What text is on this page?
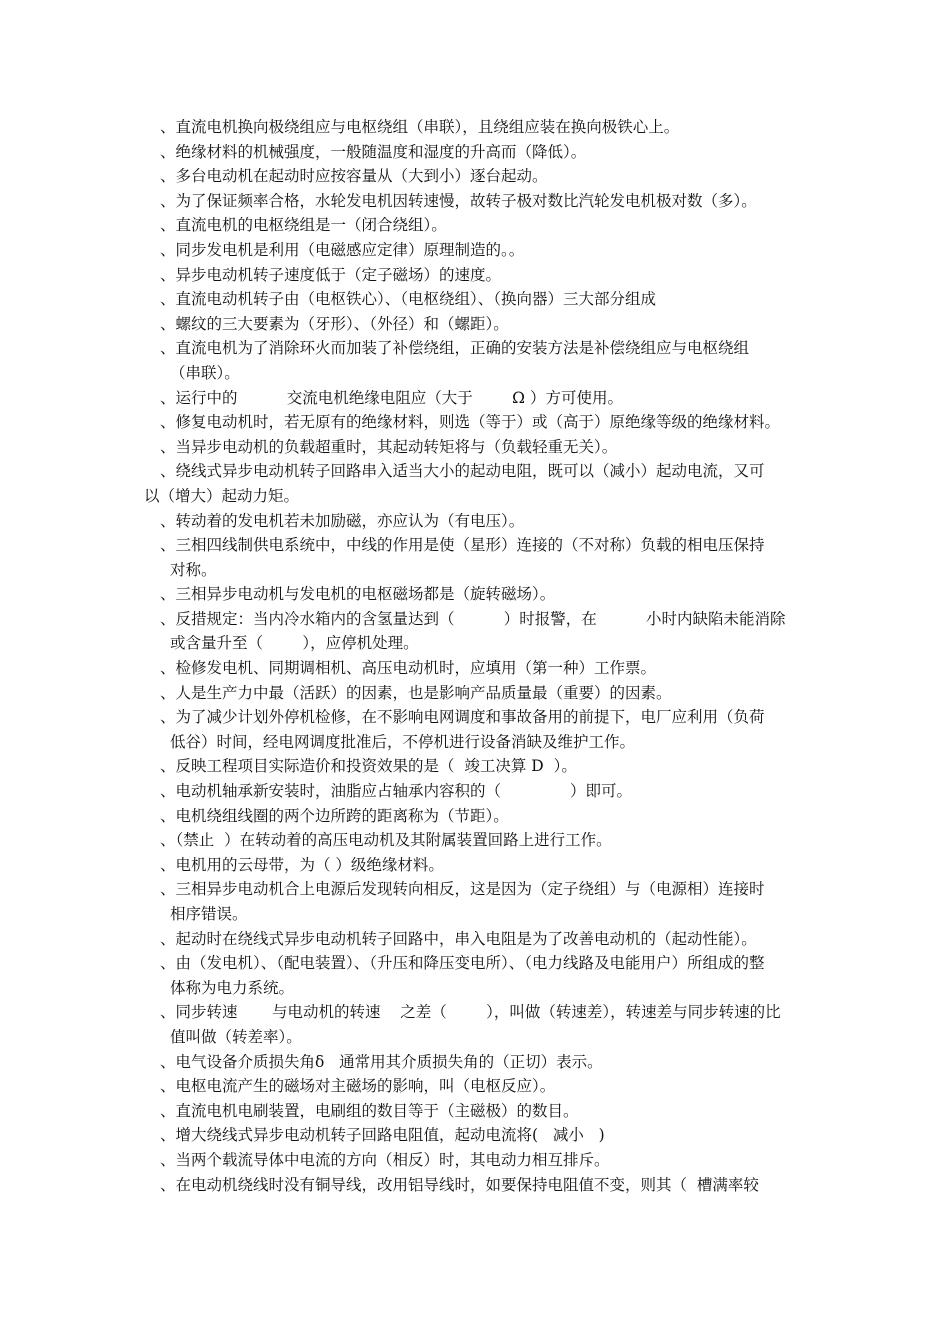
、直流电机换向极绕组应与电枢绕组（串联），且绕组应装在换向极铁心上。
、绝缘材料的机械强度，一般随温度和湿度的升高而（降低）。
、多台电动机在起动时应按容量从（大到小）逐台起动。
、为了保证频率合格，水轮发电机因转速慢，故转子极对数比汽轮发电机极对数（多）。
、直流电机的电枢绕组是一（闭合绕组）。
、同步发电机是利用（电磁感应定律）原理制造的。。
、异步电动机转子速度低于（定子磁场）的速度。
、直流电动机转子由（电枢铁心）、（电枢绕组）、（换向器）三大部分组成
、螺纹的三大要素为（牙形）、（外径）和（螺距）。
、直流电机为了消除环火而加装了补偿绕组，正确的安装方法是补偿绕组应与电枢绕组
（串联）。
、运行中的          交流电机绝缘电阻应（大于        Ω ）方可使用。
、修复电动机时，若无原有的绝缘材料，则选（等于）或（高于）原绝缘等级的绝缘材料。
、当异步电动机的负载超重时，其起动转矩将与（负载轻重无关）。
、绕线式异步电动机转子回路串入适当大小的起动电阻，既可以（减小）起动电流，又可
以（增大）起动力矩。
、转动着的发电机若未加励磁，亦应认为（有电压）。
、三相四线制供电系统中，中线的作用是使（星形）连接的（不对称）负载的相电压保持
对称。
、三相异步电动机与发电机的电枢磁场都是（旋转磁场）。
、反措规定：当内冷水箱内的含氢量达到（          ）时报警，在          小时内缺陷未能消除
或含量升至（        ），应停机处理。
、检修发电机、同期调相机、高压电动机时，应填用（第一种）工作票。
、人是生产力中最（活跃）的因素，也是影响产品质量最（重要）的因素。
、为了减少计划外停机检修，在不影响电网调度和事故备用的前提下，电厂应利用（负荷
低谷）时间，经电网调度批准后，不停机进行设备消缺及维护工作。
、反映工程项目实际造价和投资效果的是（  竣工决算 D  ）。
、电动机轴承新安装时，油脂应占轴承内容积的（              ）即可。
、电机绕组线圈的两个边所跨的距离称为（节距）。
、（禁止  ）在转动着的高压电动机及其附属装置回路上进行工作。
、电机用的云母带，为（ ）级绝缘材料。
、三相异步电动机合上电源后发现转向相反，这是因为（定子绕组）与（电源相）连接时
相序错误。
、起动时在绕线式异步电动机转子回路中，串入电阻是为了改善电动机的（起动性能）。
、由（发电机）、（配电装置）、（升压和降压变电所）、（电力线路及电能用户）所组成的整
体称为电力系统。
、同步转速       与电动机的转速    之差（        ），叫做（转速差），转速差与同步转速的比
值叫做（转差率）。
、电气设备介质损失角δ   通常用其介质损失角的（正切）表示。
、电枢电流产生的磁场对主磁场的影响，叫（电枢反应）。
、直流电机电刷装置，电刷组的数目等于（主磁极）的数目。
、增大绕线式异步电动机转子回路电阻值，起动电流将(   减小   )
、当两个载流导体中电流的方向（相反）时，其电动力相互排斥。
、在电动机绕线时没有铜导线，改用铝导线时，如要保持电阻值不变，则其（  槽满率较
